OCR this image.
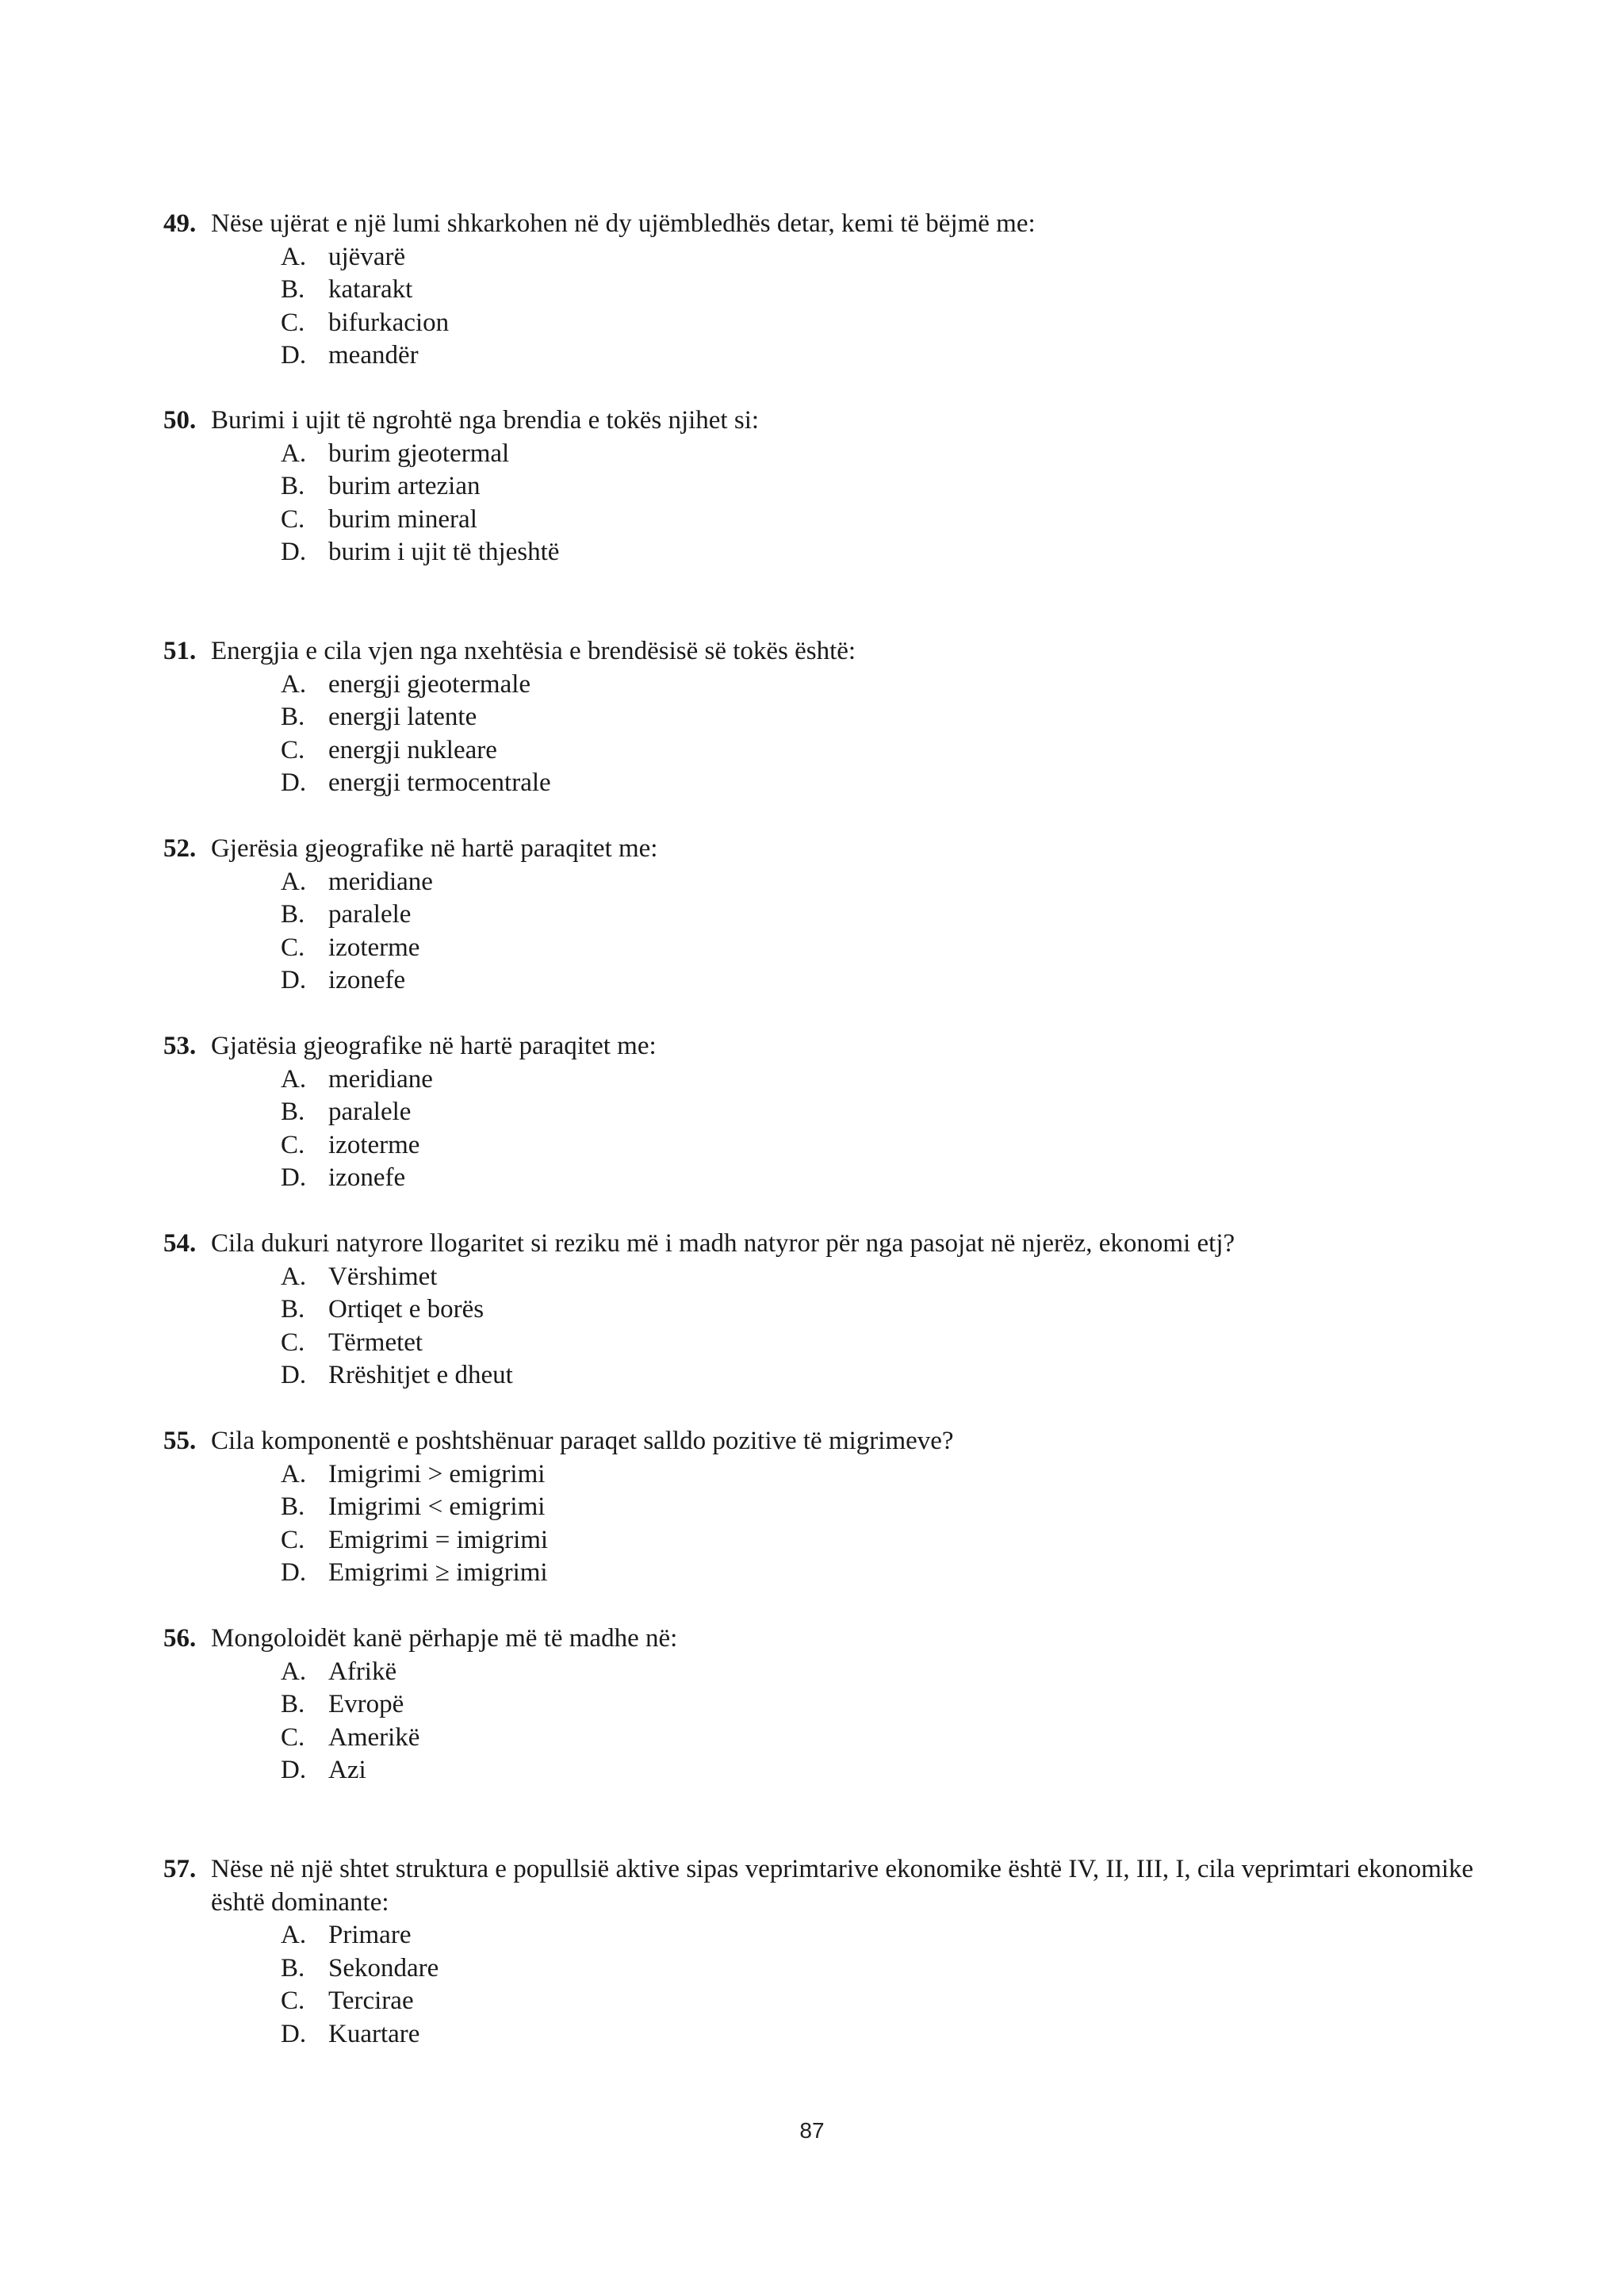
49. Nëse ujërat e një lumi shkarkohen në dy ujëmbledhës detar, kemi të bëjmë me:
A. ujëvarë
B. katarakt
C. bifurkacion
D. meandër
50. Burimi i ujit të ngrohtë nga brendia e tokës njihet si:
A. burim gjeotermal
B. burim artezian
C. burim mineral
D. burim i ujit të thjeshtë
51. Energjia e cila vjen nga nxehtësia e brendësisë së tokës është:
A. energji gjeotermale
B. energji latente
C. energji nukleare
D. energji termocentrale
52. Gjerësia gjeografike në hartë paraqitet me:
A. meridiane
B. paralele
C. izoterme
D. izonefe
53. Gjatësia gjeografike në hartë paraqitet me:
A. meridiane
B. paralele
C. izoterme
D. izonefe
54. Cila dukuri natyrore llogaritet si reziku më i madh natyror për nga pasojat në njerëz, ekonomi etj?
A. Vërshimet
B. Ortiqet e borës
C. Tërmetet
D. Rrëshitjet e dheut
55. Cila komponentë e poshtshënuar paraqet salldo pozitive të migrimeve?
A. Imigrimi > emigrimi
B. Imigrimi < emigrimi
C. Emigrimi = imigrimi
D. Emigrimi ≥ imigrimi
56. Mongoloidët kanë përhapje më të madhe në:
A. Afrikë
B. Evropë
C. Amerikë
D. Azi
57. Nëse në një shtet struktura e popullsië aktive sipas veprimtarive ekonomike është IV, II, III, I, cila veprimtari ekonomike është dominante:
A. Primare
B. Sekondare
C. Tercirae
D. Kuartare
87
